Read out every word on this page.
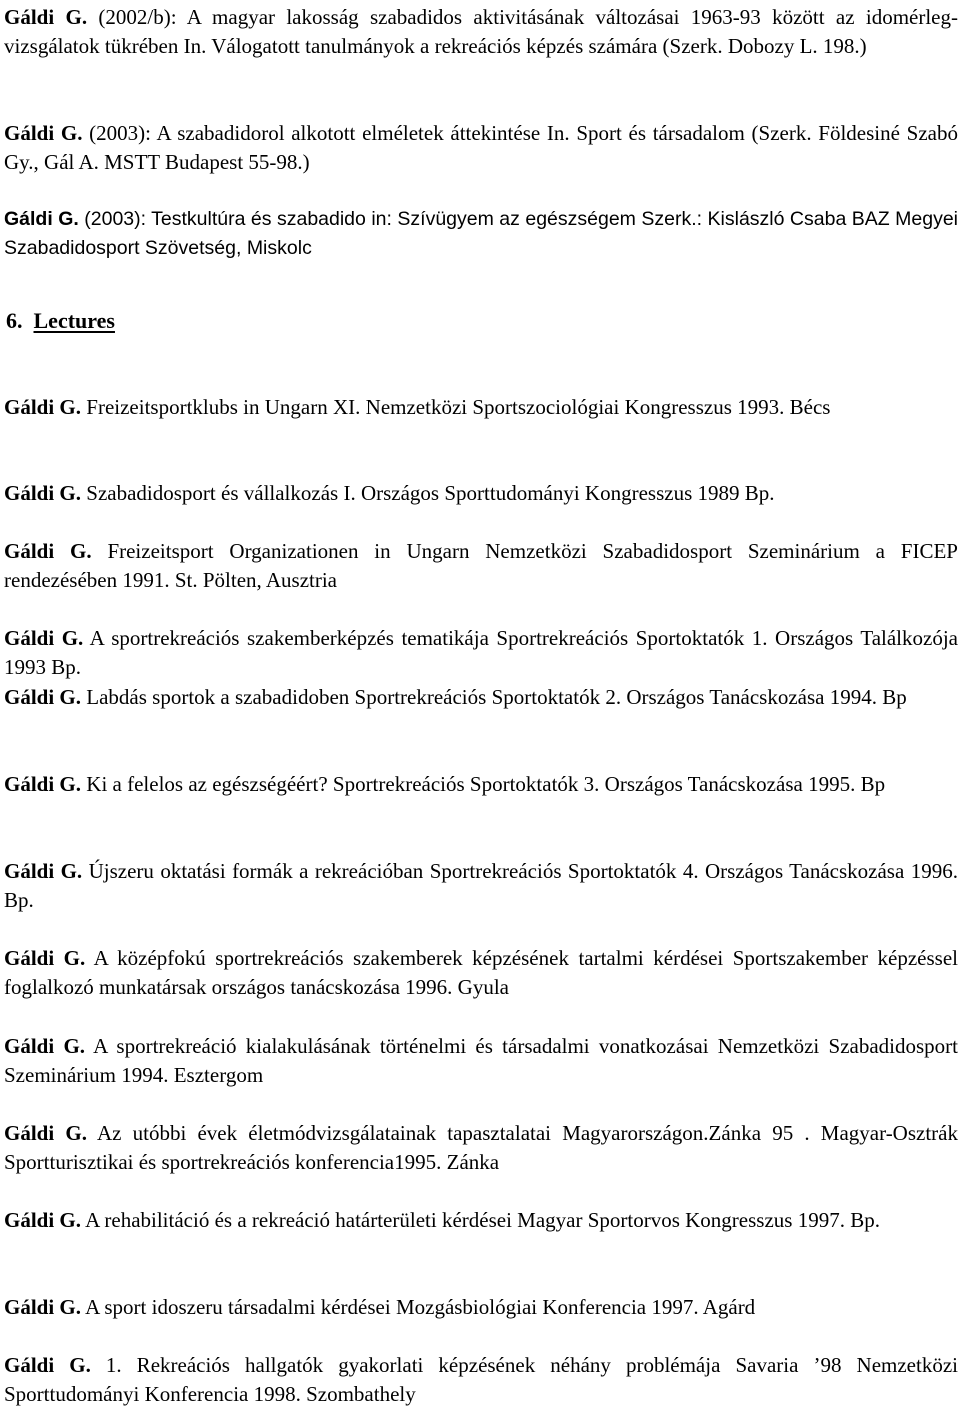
Gáldi G. (2002/b): A magyar lakosság szabadidos aktivitásának változásai 1963-93 között az idomérleg-vizsgálatok tükrében In. Válogatott tanulmányok a rekreációs képzés számára (Szerk. Dobozy L. 198.)

Gáldi G. (2003): A szabadidorol alkotott elméletek áttekintése In. Sport és társadalom (Szerk. Földesiné Szabó Gy., Gál A. MSTT Budapest 55-98.)

Gáldi G. (2003): Testkultúra és szabadido in: Szívügyem az egészségem Szerk.: Kislászló Csaba BAZ Megyei Szabadidosport Szövetség, Miskolc

6. Lectures

Gáldi G. Freizeitsportklubs in Ungarn XI. Nemzetközi Sportszociológiai Kongresszus 1993. Bécs

Gáldi G. Szabadidosport és vállalkozás I. Országos Sporttudományi Kongresszus 1989 Bp.

Gáldi G. Freizeitsport Organizationen in Ungarn Nemzetközi Szabadidosport Szeminárium a FICEP rendezésében 1991. St. Pölten, Ausztria

Gáldi G. A sportrekreációs szakemberképzés tematikája Sportrekreációs Sportoktatók 1. Országos Találkozója 1993 Bp.

Gáldi G. Labdás sportok a szabadidoben Sportrekreációs Sportoktatók 2. Országos Tanácskozása 1994. Bp

Gáldi G. Ki a felelos az egészségéért? Sportrekreációs Sportoktatók 3. Országos Tanácskozása 1995. Bp

Gáldi G. Újszeru oktatási formák a rekreációban Sportrekreációs Sportoktatók 4. Országos Tanácskozása 1996. Bp.

Gáldi G. A középfokú sportrekreációs szakemberek képzésének tartalmi kérdései Sportszakember képzéssel foglalkozó munkatársak országos tanácskozása 1996. Gyula

Gáldi G. A sportrekreáció kialakulásának történelmi és társadalmi vonatkozásai Nemzetközi Szabadidosport Szeminárium 1994. Esztergom

Gáldi G. Az utóbbi évek életmódvizsgálatainak tapasztalatai Magyarországon.Zánka 95 . Magyar-Osztrák Sportturisztikai és sportrekreációs konferencia1995. Zánka

Gáldi G. A rehabilitáció és a rekreáció határterületi kérdései Magyar Sportorvos Kongresszus 1997. Bp.

Gáldi G. A sport idoszeru társadalmi kérdései Mozgásbiológiai Konferencia 1997. Agárd

Gáldi G. 1. Rekreációs hallgatók gyakorlati képzésének néhány problémája Savaria ’98 Nemzetközi Sporttudományi Konferencia 1998. Szombathely
